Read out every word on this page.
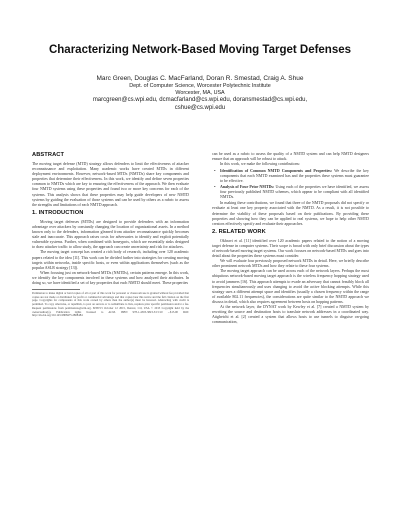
Characterizing Network-Based Moving Target Defenses
Marc Green, Douglas C. MacFarland, Doran R. Smestad, Craig A. Shue
Dept. of Computer Science, Worcester Polytechnic Institute
Worcester, MA, USA
marcgreen@cs.wpi.edu, dcmacfarland@cs.wpi.edu, doransmestad@cs.wpi.edu,
cshue@cs.wpi.edu
ABSTRACT

The moving target defense (MTD) strategy allows defenders to limit the effectiveness of attacker reconnaissance and exploitation. Many academic works have created MTDs in different deployment environments. However, network-based MTDs (NMTDs) share key components and properties that determine their effectiveness. In this work, we identify and define seven properties common to NMTDs which are key to ensuring the effectiveness of the approach. We then evaluate four NMTD systems using these properties and found two or more key concerns for each of the systems. This analysis shows that these properties may help guide developers of new NMTD systems by guiding the evaluation of those systems and can be used by others as a rubric to assess the strengths and limitations of each NMTD approach.

1. INTRODUCTION

Moving target defenses (MTDs) are designed to provide defenders with an information advantage over attackers by constantly changing the location of organizational assets. In a method known only to the defenders, information gleaned from attacker reconnaissance quickly becomes stale and inaccurate. This approach raises costs for adversaries to identify and exploit potentially vulnerable systems. Further, when combined with honeypots, which are essentially sinks designed to draw attacker traffic to allow study, the approach can create uncertainty and risk for attackers.

The moving target concept has created a rich body of research, including over 120 academic papers related to the idea [11]. This work can be divided further into strategies for creating moving targets within networks, inside specific hosts, or even within applications themselves (such as the popular ASLR strategy [13]).

When focusing just on network-based MTDs (NMTDs), certain patterns emerge. In this work, we identify the key components involved in these systems and how analyzed their attributes. In doing so, we have identified a set of key properties that each NMTD should meet. These properties

Permission to make digital or hard copies of all or part of this work for personal or classroom use is granted without fee provided that copies are not made or distributed for profit or commercial advantage and that copies bear this notice and the full citation on the first page. Copyrights for components of this work owned by others than the author(s) must be honored. Abstracting with credit is permitted. To copy otherwise, or republish, to post on servers or to redistribute to lists, requires prior specific permission and/or a fee. Request permissions from permissions@acm.org. MTD'15 October 12 2015, Denver, CO, USA © 2015 Copyright held by the owner/author(s). Publication rights licensed to ACM. ISBN 978-1-4503-3823-3/15/10 ...$15.00 DOI: http://dx.doi.org/10.1145/2808475.2808484

can be used as a rubric to assess the quality of a NMTD system and can help NMTD designers ensure that an approach will be robust to attack.

In this work, we make the following contributions:

• Identification of Common NMTD Components and Properties: We describe the key components that each NMTD examined has and the properties these systems must guarantee to be effective.
• Analysis of Four Prior NMTDs: Using each of the properties we have identified, we assess four previously published NMTD schemes, which appear to be compliant with all identified NMTDs.

In making these contributions, we found that three of the NMTD proposals did not specify or evaluate at least one key property associated with the NMTD. As a result, it is not possible to determine the viability of these proposals based on their publications. By providing these properties and showing how they can be applied to real systems, we hope to help other NMTD creators effectively specify and evaluate their approaches.

2. RELATED WORK

Okhravi et al. [11] identified over 120 academic papers related to the notion of a moving target defense in computer systems. Their scope is broad with only brief discussion about the types of network-based moving target systems. Our work focuses on network-based MTDs and goes into detail about the properties these systems must consider.

We will evaluate four previously proposed network MTDs in detail. Here, we briefly describe other prominent network MTDs and how they relate to these four systems.

The moving target approach can be used across each of the network layers. Perhaps the most ubiquitous network-based moving target approach is the wireless frequency hopping strategy used to avoid jammers [16]. This approach attempts to evade an adversary that cannot feasibly block all frequencies simultaneously and uses changing to avoid the active blocking attempts. While this strategy uses a different attempt space and identifies (usually a chosen frequency within the range of available 802.11 frequencies), the considerations are quite similar to the NMTD approach we discuss in detail, which also requires agreement between hosts on hopping patterns.

At the network layer, the DYNAT work by Kewley et al. [7] created a NMTD system by rewriting the source and destination hosts to translate network addresses in a coordinated way. Atighetchi et al. [2] created a system that allows hosts to use tunnels to disguise on-going communication,
